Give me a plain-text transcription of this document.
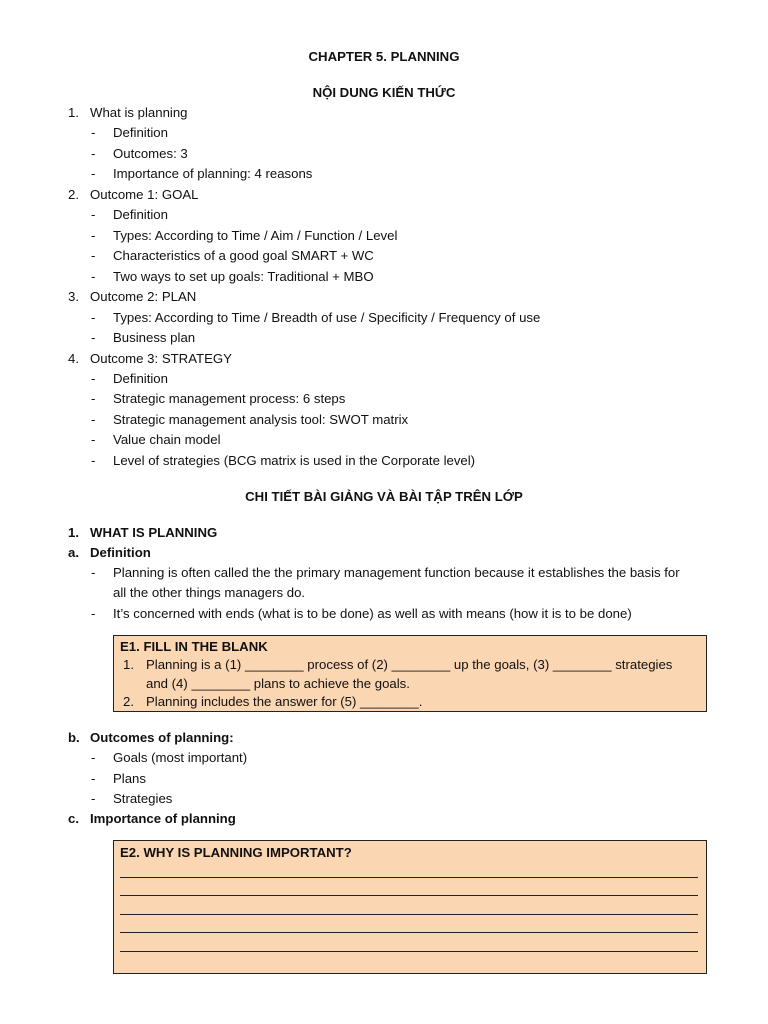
CHAPTER 5. PLANNING
NỘI DUNG KIẾN THỨC
1. What is planning
- Definition
- Outcomes: 3
- Importance of planning: 4 reasons
2. Outcome 1: GOAL
- Definition
- Types: According to Time / Aim / Function / Level
- Characteristics of a good goal SMART + WC
- Two ways to set up goals: Traditional + MBO
3. Outcome 2: PLAN
- Types: According to Time / Breadth of use / Specificity / Frequency of use
- Business plan
4. Outcome 3: STRATEGY
- Definition
- Strategic management process: 6 steps
- Strategic management analysis tool: SWOT matrix
- Value chain model
- Level of strategies (BCG matrix is used in the Corporate level)
CHI TIẾT BÀI GIẢNG VÀ BÀI TẬP TRÊN LỚP
1. WHAT IS PLANNING
a. Definition
- Planning is often called the the primary management function because it establishes the basis for
all the other things managers do.
- It’s concerned with ends (what is to be done) as well as with means (how it is to be done)
E1. FILL IN THE BLANK
1. Planning is a (1) ________ process of (2) ________ up the goals, (3) ________ strategies
and (4) ________ plans to achieve the goals.
2. Planning includes the answer for (5) ________.
b. Outcomes of planning:
- Goals (most important)
- Plans
- Strategies
c. Importance of planning
E2. WHY IS PLANNING IMPORTANT?
